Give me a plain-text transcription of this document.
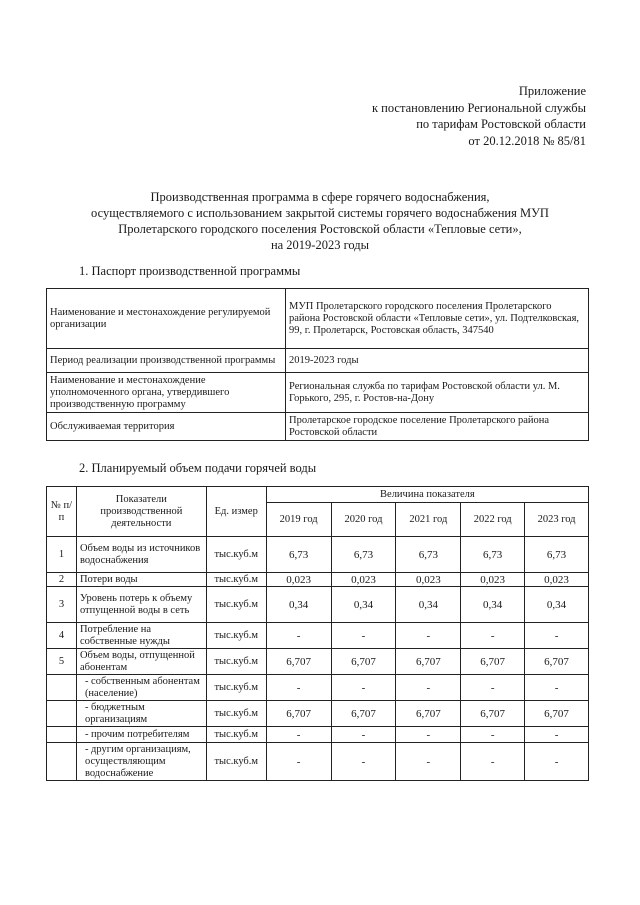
Приложение
к постановлению Региональной службы
по тарифам Ростовской области
от 20.12.2018 № 85/81
Производственная программа в сфере горячего водоснабжения,
осуществляемого с использованием закрытой системы горячего водоснабжения МУП
Пролетарского городского поселения Ростовской области «Тепловые сети»,
на 2019-2023 годы
1. Паспорт производственной программы
Наименование и местонахождение регулируемой организации	МУП Пролетарского городского поселения Пролетарского района Ростовской области «Тепловые сети», ул. Подтелковская, 99, г. Пролетарск, Ростовская область, 347540
Период реализации производственной программы	2019-2023 годы
Наименование и местонахождение уполномоченного органа, утвердившего производственную программу	Региональная служба по тарифам Ростовской области ул. М. Горького, 295, г. Ростов-на-Дону
Обслуживаемая территория	Пролетарское городское поселение Пролетарского района Ростовской области
2. Планируемый объем подачи горячей воды
№ п/п	Показатели производственной деятельности	Ед. измер	Величина показателя				
			2019 год	2020 год	2021 год	2022 год	2023 год
1	Объем воды из источников водоснабжения	тыс.куб.м	6,73	6,73	6,73	6,73	6,73
2	Потери воды	тыс.куб.м	0,023	0,023	0,023	0,023	0,023
3	Уровень потерь к объему отпущенной воды в сеть	тыс.куб.м	0,34	0,34	0,34	0,34	0,34
4	Потребление на собственные нужды	тыс.куб.м	-	-	-	-	-
5	Объем воды, отпущенной абонентам	тыс.куб.м	6,707	6,707	6,707	6,707	6,707
	- собственным абонентам (население)	тыс.куб.м	-	-	-	-	-
	- бюджетным организациям	тыс.куб.м	6,707	6,707	6,707	6,707	6,707
	- прочим потребителям	тыс.куб.м	-	-	-	-	-
	- другим организациям, осуществляющим водоснабжение	тыс.куб.м	-	-	-	-	-
